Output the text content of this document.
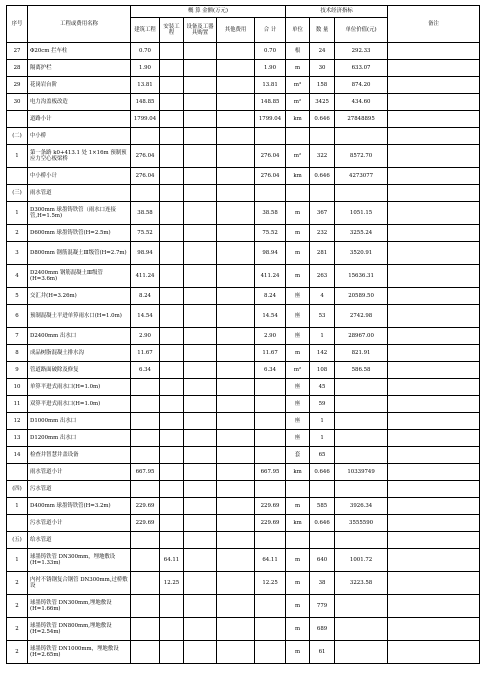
序号	工程或费用名称	概 算 金额(万元)					技术经济指标			备注
		建筑工程	安装工程	设备及工器具购置	其他费用	合 计	单位	数 量	单位价值(元)	
27	Φ20cm 拦车柱	0.70				0.70	根	24	292.33	
28	隔离护栏	1.90				1.90	m	30	633.07	
29	花岗岩台阶	13.81				13.81	m³	158	874.20	
30	电力沟盖板改造	148.85				148.85	m²	3425	434.60	
	道路小计	1799.04				1799.04	km	0.646	27848895	
(二)	中小桥									
1	第一条路 k0+413.1 处 1×16m 预制预应力空心板梁桥	276.04				276.04	m²	322	8572.70	
	中小桥小计	276.04				276.04	km	0.646	4273077	
(三)	雨水管道									
1	D300mm 球墨铸铁管（雨水口连接管,H=1.5m)	38.58				38.58	m	367	1051.15	
2	D600mm 球墨铸铁管(H=2.5m)	75.52				75.52	m	232	3255.24	
3	D800mm 钢筋混凝土Ⅲ级管(H=2.7m)	98.94				98.94	m	281	3520.91	
4	D2400mm 钢筋混凝土Ⅲ级管(H=3.6m)	411.24				411.24	m	263	15636.31	
5	交汇井(H=3.26m)	8.24				8.24	座	4	20589.50	
6	预制混凝土平进单箅雨水口(H=1.0m)	14.54				14.54	座	53	2742.98	
7	D2400mm 出水口	2.90				2.90	座	1	28967.00	
8	成品树脂混凝土排水沟	11.67				11.67	m	142	821.91	
9	管道路面破除及修复	6.34				6.34	m²	108	586.58	
10	单箅平进式雨水口(H=1.0m)						座	45		
11	双箅平进式雨水口(H=1.0m)						座	59		
12	D1000mm 出水口						座	1		
13	D1200mm 出水口						座	1		
14	检查井智慧井盖设备						套	65		
	雨水管道小计	667.95				667.95	km	0.646	10339749	
(四)	污水管道									
1	D400mm 球墨铸铁管(H=3.2m)	229.69				229.69	m	585	3926.34	
	污水管道小计	229.69				229.69	km	0.646	3555590	
(五)	给水管道									
1	球墨铸铁管 DN300mm，埋地敷设(H=1.33m)		64.11			64.11	m	640	1001.72	
2	内衬不锈钢复合钢管 DN300mm,过桥敷设		12.25			12.25	m	38	3223.58	
2	球墨铸铁管 DN300mm,埋地敷设(H=1.66m)						m	779		
2	球墨铸铁管 DN800mm,埋地敷设(H=2.54m)						m	689		
2	球墨铸铁管 DN1000mm，埋地敷设(H=2.65m)						m	61		
